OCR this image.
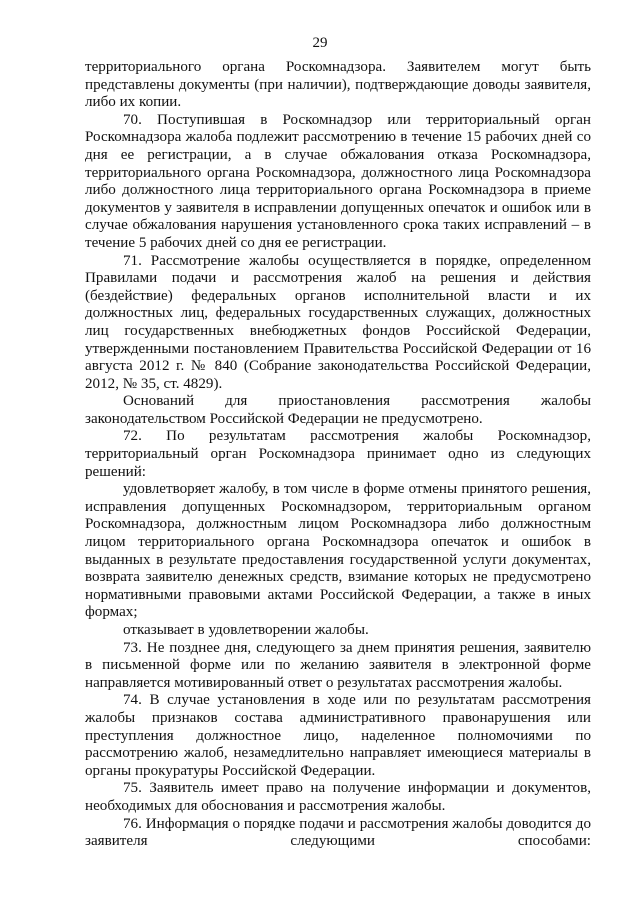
29

территориального органа Роскомнадзора. Заявителем могут быть представлены документы (при наличии), подтверждающие доводы заявителя, либо их копии.

70. Поступившая в Роскомнадзор или территориальный орган Роскомнадзора жалоба подлежит рассмотрению в течение 15 рабочих дней со дня ее регистрации, а в случае обжалования отказа Роскомнадзора, территориального органа Роскомнадзора, должностного лица Роскомнадзора либо должностного лица территориального органа Роскомнадзора в приеме документов у заявителя в исправлении допущенных опечаток и ошибок или в случае обжалования нарушения установленного срока таких исправлений – в течение 5 рабочих дней со дня ее регистрации.

71. Рассмотрение жалобы осуществляется в порядке, определенном Правилами подачи и рассмотрения жалоб на решения и действия (бездействие) федеральных органов исполнительной власти и их должностных лиц, федеральных государственных служащих, должностных лиц государственных внебюджетных фондов Российской Федерации, утвержденными постановлением Правительства Российской Федерации от 16 августа 2012 г. № 840 (Собрание законодательства Российской Федерации, 2012, № 35, ст. 4829).

Оснований для приостановления рассмотрения жалобы законодательством Российской Федерации не предусмотрено.

72. По результатам рассмотрения жалобы Роскомнадзор, территориальный орган Роскомнадзора принимает одно из следующих решений:

удовлетворяет жалобу, в том числе в форме отмены принятого решения, исправления допущенных Роскомнадзором, территориальным органом Роскомнадзора, должностным лицом Роскомнадзора либо должностным лицом территориального органа Роскомнадзора опечаток и ошибок в выданных в результате предоставления государственной услуги документах, возврата заявителю денежных средств, взимание которых не предусмотрено нормативными правовыми актами Российской Федерации, а также в иных формах;

отказывает в удовлетворении жалобы.

73. Не позднее дня, следующего за днем принятия решения, заявителю в письменной форме или по желанию заявителя в электронной форме направляется мотивированный ответ о результатах рассмотрения жалобы.

74. В случае установления в ходе или по результатам рассмотрения жалобы признаков состава административного правонарушения или преступления должностное лицо, наделенное полномочиями по рассмотрению жалоб, незамедлительно направляет имеющиеся материалы в органы прокуратуры Российской Федерации.

75. Заявитель имеет право на получение информации и документов, необходимых для обоснования и рассмотрения жалобы.

76. Информация о порядке подачи и рассмотрения жалобы доводится до заявителя следующими способами:
